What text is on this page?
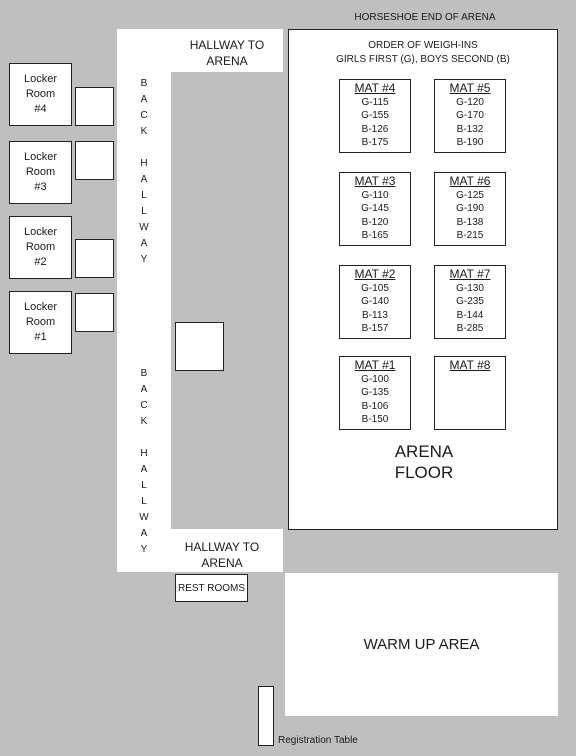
HORSESHOE END OF ARENA
HALLWAY TO
ARENA
HALLWAY TO
ARENA
B
A
C
K

H
A
L
L
W
A
Y
B
A
C
K

H
A
L
L
W
A
Y
Locker
Room
#4
Locker
Room
#3
Locker
Room
#2
Locker
Room
#1
ORDER OF WEIGH-INS
GIRLS FIRST (G), BOYS SECOND (B)
MAT #4
G-115
G-155
B-126
B-175
MAT #5
G-120
G-170
B-132
B-190
MAT #3
G-110
G-145
B-120
B-165
MAT #6
G-125
G-190
B-138
B-215
MAT #2
G-105
G-140
B-113
B-157
MAT #7
G-130
G-235
B-144
B-285
MAT #1
G-100
G-135
B-106
B-150
MAT #8
ARENA
FLOOR
REST ROOMS
WARM UP AREA
Registration Table
